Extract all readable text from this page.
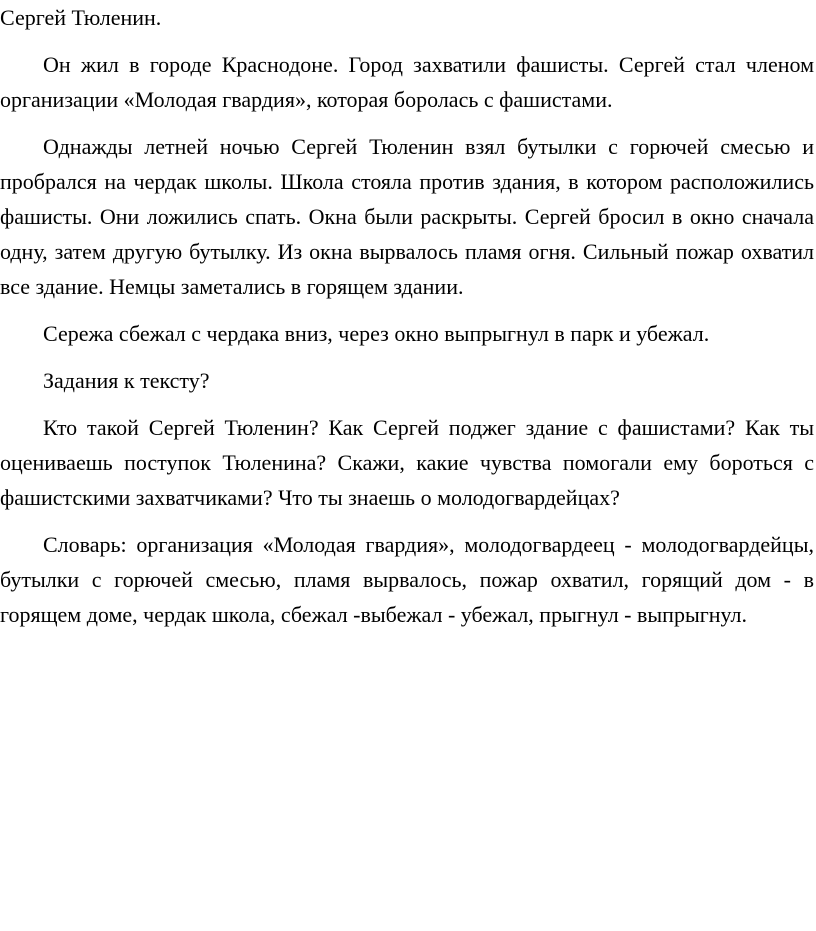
Сергей Тюленин.

Он жил в городе Краснодоне. Город захватили фашисты. Сергей стал членом организации «Молодая гвардия», которая боролась с фашистами.

Однажды летней ночью Сергей Тюленин взял бутылки с горючей смесью и пробрался на чердак школы. Школа стояла против здания, в котором расположились фашисты. Они ложились спать. Окна были раскрыты. Сергей бросил в окно сначала одну, затем другую бутылку. Из окна вырвалось пламя огня. Сильный пожар охватил все здание. Немцы заметались в горящем здании.

Сережа сбежал с чердака вниз, через окно выпрыгнул в парк и убежал.

Задания к тексту?

Кто такой Сергей Тюленин? Как Сергей поджег здание с фашистами? Как ты оцениваешь поступок Тюленина? Скажи, какие чувства помогали ему бороться с фашистскими захватчиками? Что ты знаешь о молодогвардейцах?

Словарь: организация «Молодая гвардия», молодогвардеец - молодогвардейцы, бутылки с горючей смесью, пламя вырвалось, пожар охватил, горящий дом - в горящем доме, чердак школа, сбежал -выбежал - убежал, прыгнул - выпрыгнул.
